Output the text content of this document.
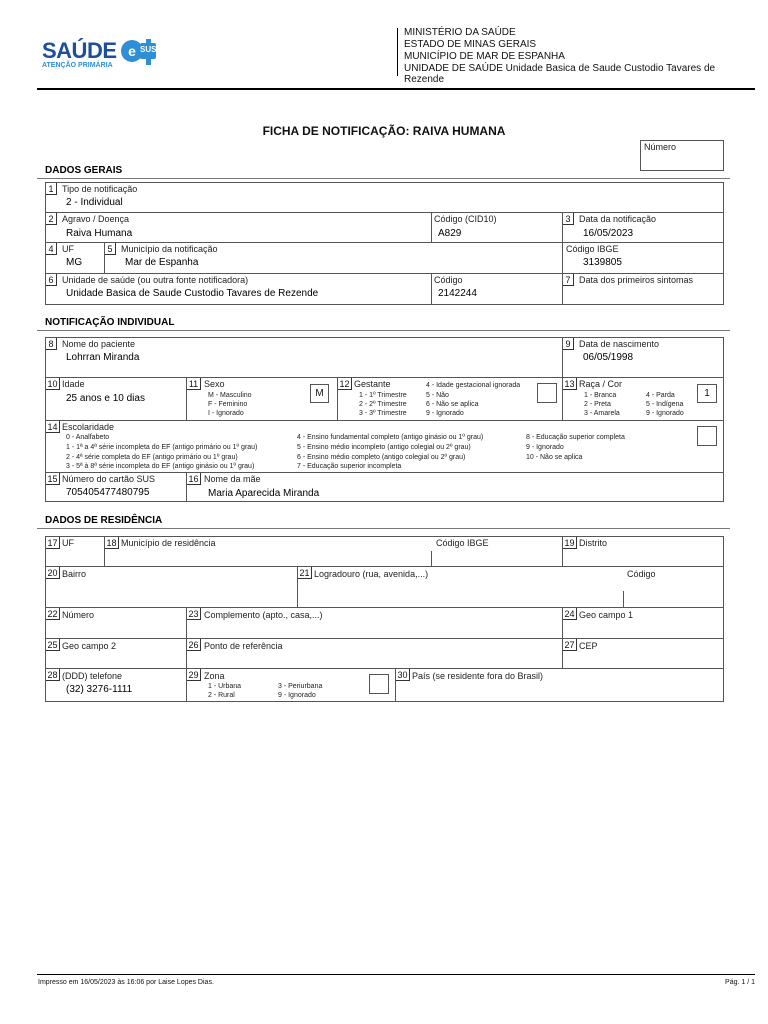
SAÚDE e SUS
ATENÇÃO PRIMÁRIA
MINISTÉRIO DA SAÚDE
ESTADO DE MINAS GERAIS
MUNICÍPIO DE MAR DE ESPANHA
UNIDADE DE SAÚDE Unidade Basica de Saude Custodio Tavares de
Rezende
FICHA DE NOTIFICAÇÃO: RAIVA HUMANA
Número
DADOS GERAIS
1 Tipo de notificação
2 - Individual
2 Agravo / Doença
Raiva Humana
Código (CID10)
A829
3 Data da notificação
16/05/2023
4 UF
MG
5 Município da notificação
Mar de Espanha
Código IBGE
3139805
6 Unidade de saúde (ou outra fonte notificadora)
Unidade Basica de Saude Custodio Tavares de Rezende
Código
2142244
7 Data dos primeiros sintomas
NOTIFICAÇÃO INDIVIDUAL
8 Nome do paciente
Lohrran Miranda
9 Data de nascimento
06/05/1998
10 Idade
25 anos e 10 dias
11 Sexo
M - Masculino
F - Feminino
I - Ignorado
M
12 Gestante
1 - 1º Trimestre
2 - 2º Trimestre
3 - 3º Trimestre
4 - Idade gestacional ignorada
5 - Não
6 - Não se aplica
9 - Ignorado
13 Raça / Cor
1 - Branca
2 - Preta
3 - Amarela
4 - Parda
5 - Indígena
9 - Ignorado
1
14 Escolaridade
0 - Analfabeto
1 - 1ª a 4ª série incompleta do EF (antigo primário ou 1º grau)
2 - 4ª série completa do EF (antigo primário ou 1º grau)
3 - 5ª à 8ª série incompleta do EF (antigo ginásio ou 1º grau)
4 - Ensino fundamental completo (antigo ginásio ou 1º grau)
5 - Ensino médio incompleto (antigo colegial ou 2º grau)
6 - Ensino médio completo (antigo colegial ou 2º grau)
7 - Educação superior incompleta
8 - Educação superior completa
9 - Ignorado
10 - Não se aplica
15 Número do cartão SUS
705405477480795
16 Nome da mãe
Maria Aparecida Miranda
DADOS DE RESIDÊNCIA
17 UF	18 Município de residência	Código IBGE	19 Distrito
20 Bairro	21 Logradouro (rua, avenida,...)	Código
22 Número	23 Complemento (apto., casa,...)	24 Geo campo 1
25 Geo campo 2	26 Ponto de referência	27 CEP
28 (DDD) telefone
(32) 3276-1111
29 Zona
1 - Urbana
2 - Rural
3 - Periurbana
9 - Ignorado
30 País (se residente fora do Brasil)
Impresso em 16/05/2023 às 16:06 por Laise Lopes Dias.	Pág. 1 / 1
